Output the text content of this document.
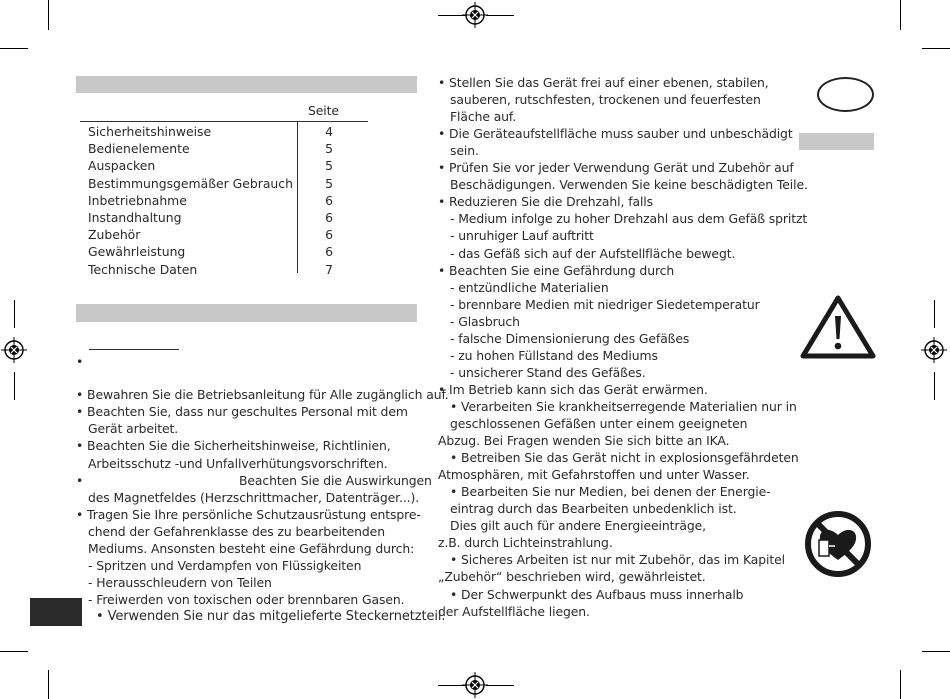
Seite
Sicherheitshinweise	4
Bedienelemente	5
Auspacken	5
Bestimmungsgemäßer Gebrauch	5
Inbetriebnahme	6
Instandhaltung	6
Zubehör	6
Gewährleistung	6
Technische Daten	7
•
• Bewahren Sie die Betriebsanleitung für Alle zugänglich auf.
• Beachten Sie, dass nur geschultes Personal mit dem
Gerät arbeitet.
• Beachten Sie die Sicherheitshinweise, Richtlinien,
Arbeitsschutz -und Unfallverhütungsvorschriften.
Beachten Sie die Auswirkungen
des Magnetfeldes (Herzschrittmacher, Datenträger...).
• Tragen Sie Ihre persönliche Schutzausrüstung entspre-
chend der Gefahrenklasse des zu bearbeitenden
Mediums. Ansonsten besteht eine Gefährdung durch:
- Spritzen und Verdampfen von Flüssigkeiten
- Herausschleudern von Teilen
- Freiwerden von toxischen oder brennbaren Gasen.
• Verwenden Sie nur das mitgelieferte Steckernetzteil.
•
• Stellen Sie das Gerät frei auf einer ebenen, stabilen,
sauberen, rutschfesten, trockenen und feuerfesten
Fläche auf.
• Die Geräteaufstellfläche muss sauber und unbeschädigt
sein.
• Prüfen Sie vor jeder Verwendung Gerät und Zubehör auf
Beschädigungen. Verwenden Sie keine beschädigten Teile.
• Reduzieren Sie die Drehzahl, falls
- Medium infolge zu hoher Drehzahl aus dem Gefäß spritzt
- unruhiger Lauf auftritt
- das Gefäß sich auf der Aufstellfläche bewegt.
• Beachten Sie eine Gefährdung durch
- entzündliche Materialien
- brennbare Medien mit niedriger Siedetemperatur
- Glasbruch
- falsche Dimensionierung des Gefäßes
- zu hohen Füllstand des Mediums
- unsicherer Stand des Gefäßes.
• Im Betrieb kann sich das Gerät erwärmen.
• Verarbeiten Sie krankheitserregende Materialien nur in
geschlossenen Gefäßen unter einem geeigneten
Abzug. Bei Fragen wenden Sie sich bitte an IKA.
• Betreiben Sie das Gerät nicht in explosionsgefährdeten
Atmosphären, mit Gefahrstoffen und unter Wasser.
• Bearbeiten Sie nur Medien, bei denen der Energie-
eintrag durch das Bearbeiten unbedenklich ist.
Dies gilt auch für andere Energieeinträge,
z.B. durch Lichteinstrahlung.
• Sicheres Arbeiten ist nur mit Zubehör, das im Kapitel
„Zubehör“ beschrieben wird, gewährleistet.
• Der Schwerpunkt des Aufbaus muss innerhalb
der Aufstellfläche liegen.
